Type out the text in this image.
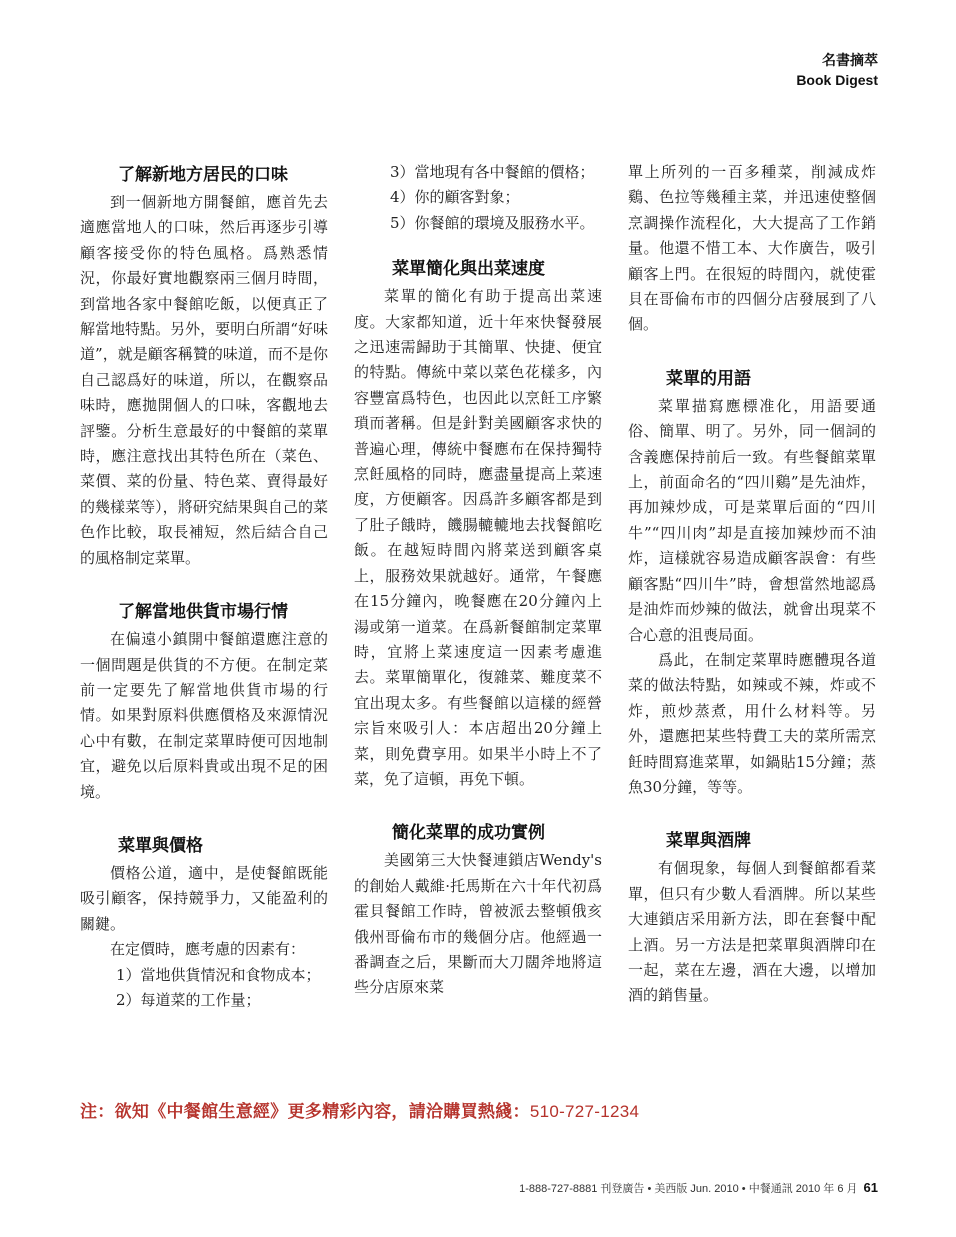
名書摘萃
Book Digest
了解新地方居民的口味

到一個新地方開餐館，應首先去適應當地人的口味，然后再逐步引導顧客接受你的特色風格。爲熟悉情況，你最好實地觀察兩三個月時間，到當地各家中餐館吃飯，以便真正了解當地特點。另外，要明白所謂“好味道”，就是顧客稱贊的味道，而不是你自己認爲好的味道，所以，在觀察品味時，應拋開個人的口味，客觀地去評鑒。分析生意最好的中餐館的菜單時，應注意找出其特色所在（菜色、菜價、菜的份量、特色菜、賣得最好的幾樣菜等），將研究結果與自己的菜色作比較，取長補短，然后結合自己的風格制定菜單。

了解當地供貨市場行情

在偏遠小鎮開中餐館還應注意的一個問題是供貨的不方便。在制定菜前一定要先了解當地供貨市場的行情。如果對原料供應價格及來源情況心中有數，在制定菜單時便可因地制宜，避免以后原料貴或出現不足的困境。

菜單與價格

價格公道，適中，是使餐館既能吸引顧客，保持競爭力，又能盈利的關鍵。

在定價時，應考慮的因素有：

1）當地供貨情況和食物成本；

2）每道菜的工作量；

3）當地現有各中餐館的價格；

4）你的顧客對象；

5）你餐館的環境及服務水平。

菜單簡化與出菜速度

菜單的簡化有助于提高出菜速度。大家都知道，近十年來快餐發展之迅速需歸助于其簡單、快捷、便宜的特點。傳統中菜以菜色花樣多，內容豐富爲特色，也因此以烹飪工序繁瑣而著稱。但是針對美國顧客求快的普遍心理，傳統中餐應布在保持獨特烹飪風格的同時，應盡量提高上菜速度，方便顧客。因爲許多顧客都是到了肚子餓時，饑腸轆轆地去找餐館吃飯。在越短時間內將菜送到顧客桌上，服務效果就越好。通常，午餐應在15分鐘內，晚餐應在20分鐘內上湯或第一道菜。在爲新餐館制定菜單時，宜將上菜速度這一因素考慮進去。菜單簡單化，復雜菜、難度菜不宜出現太多。有些餐館以這樣的經營宗旨來吸引人：本店超出20分鐘上菜，則免費享用。如果半小時上不了菜，免了這頓，再免下頓。

簡化菜單的成功實例

美國第三大快餐連鎖店Wendy's的創始人戴維·托馬斯在六十年代初爲霍貝餐館工作時，曾被派去整頓俄亥俄州哥倫布市的幾個分店。他經過一番調查之后，果斷而大刀闊斧地將這些分店原來菜

單上所列的一百多種菜，削減成炸鷄、色拉等幾種主菜，并迅速使整個烹調操作流程化，大大提高了工作銷量。他還不惜工本、大作廣告，吸引顧客上門。在很短的時間內，就使霍貝在哥倫布市的四個分店發展到了八個。

菜單的用語

菜單描寫應標准化，用語要通俗、簡單、明了。另外，同一個詞的含義應保持前后一致。有些餐館菜單上，前面命名的“四川鷄”是先油炸，再加辣炒成，可是菜單后面的“四川牛”“四川肉”却是直接加辣炒而不油炸，這樣就容易造成顧客誤會：有些顧客點“四川牛”時，會想當然地認爲是油炸而炒辣的做法，就會出現菜不合心意的沮喪局面。

爲此，在制定菜單時應體現各道菜的做法特點，如辣或不辣，炸或不炸，煎炒蒸煮，用什么材料等。另外，還應把某些特費工夫的菜所需烹飪時間寫進菜單，如鍋貼15分鐘；蒸魚30分鐘，等等。

菜單與酒牌

有個現象，每個人到餐館都看菜單，但只有少數人看酒牌。所以某些大連鎖店采用新方法，即在套餐中配上酒。另一方法是把菜單與酒牌印在一起，菜在左邊，酒在大邊，以增加酒的銷售量。

注：欲知《中餐館生意經》更多精彩內容，請洽購買熱綫：510-727-1234
1-888-727-8881 刊登廣告 • 美西版 Jun. 2010 • 中餐通訊 2010 年 6 月 61
